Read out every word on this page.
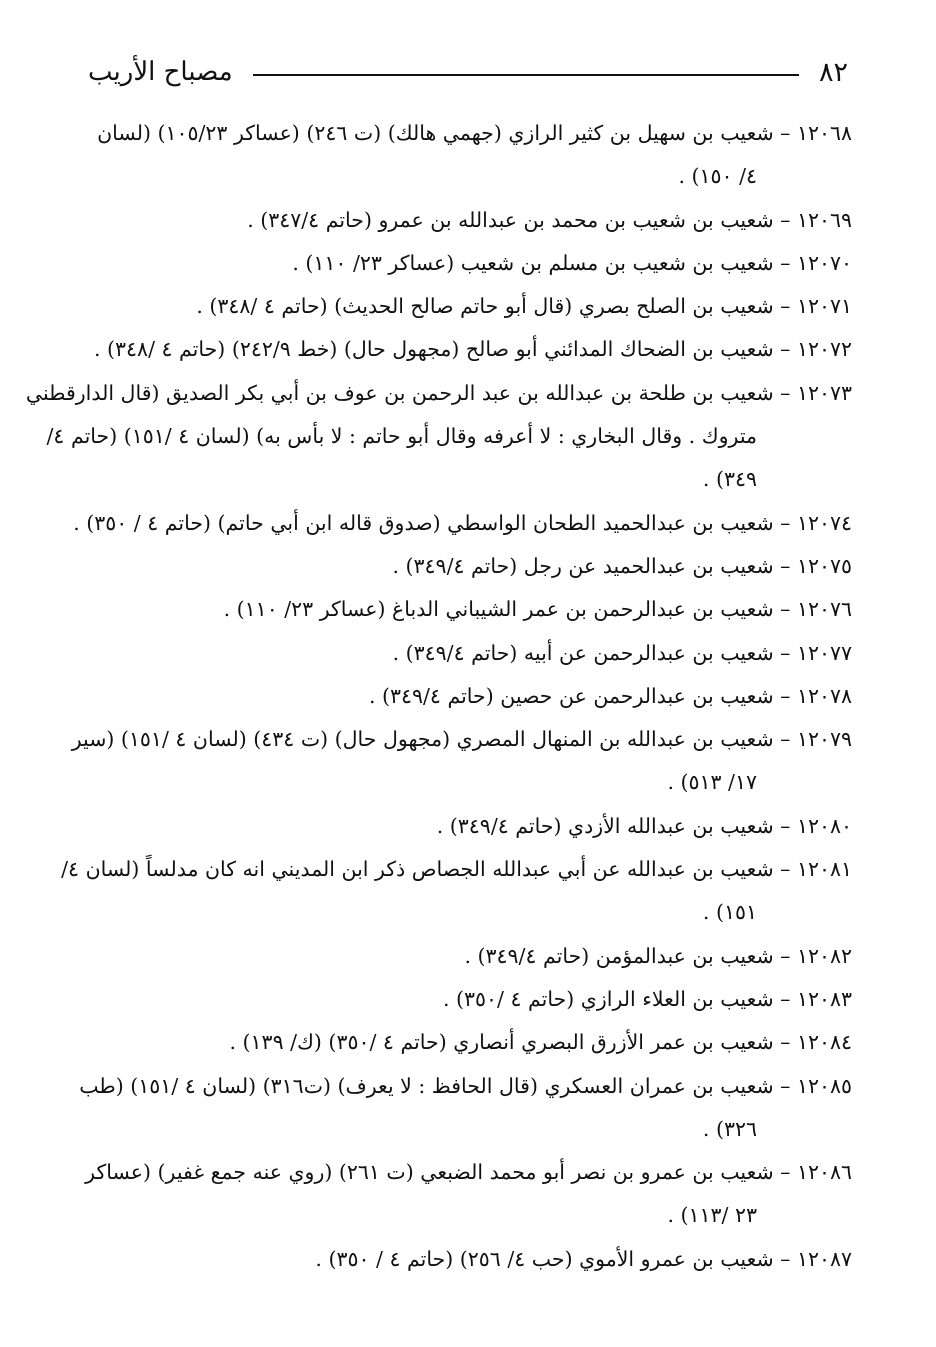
٨٢
مصباح الأريب
١٢٠٦٨ – شعيب بن سهيل بن كثير الرازي (جهمي هالك) (ت ٢٤٦) (عساكر ١٠٥/٢٣) (لسان
٤/ ١٥٠) .
١٢٠٦٩ – شعيب بن شعيب بن محمد بن عبدالله بن عمرو (حاتم ٣٤٧/٤) .
١٢٠٧٠ – شعيب بن شعيب بن مسلم بن شعيب (عساكر ٢٣/ ١١٠) .
١٢٠٧١ – شعيب بن الصلح بصري (قال أبو حاتم صالح الحديث) (حاتم ٤ /٣٤٨) .
١٢٠٧٢ – شعيب بن الضحاك المدائني أبو صالح (مجهول حال) (خط ٢٤٢/٩) (حاتم ٤ /٣٤٨) .
١٢٠٧٣ – شعيب بن طلحة بن عبدالله بن عبد الرحمن بن عوف بن أبي بكر الصديق (قال الدارقطني
متروك . وقال البخاري : لا أعرفه وقال أبو حاتم : لا بأس به) (لسان ٤ /١٥١) (حاتم ٤/
٣٤٩) .
١٢٠٧٤ – شعيب بن عبدالحميد الطحان الواسطي (صدوق قاله ابن أبي حاتم) (حاتم ٤ / ٣٥٠) .
١٢٠٧٥ – شعيب بن عبدالحميد عن رجل (حاتم ٣٤٩/٤) .
١٢٠٧٦ – شعيب بن عبدالرحمن بن عمر الشيباني الدباغ (عساكر ٢٣/ ١١٠) .
١٢٠٧٧ – شعيب بن عبدالرحمن عن أبيه (حاتم ٣٤٩/٤) .
١٢٠٧٨ – شعيب بن عبدالرحمن عن حصين (حاتم ٣٤٩/٤) .
١٢٠٧٩ – شعيب بن عبدالله بن المنهال المصري (مجهول حال) (ت ٤٣٤) (لسان ٤ /١٥١) (سير
١٧/ ٥١٣) .
١٢٠٨٠ – شعيب بن عبدالله الأزدي (حاتم ٣٤٩/٤) .
١٢٠٨١ – شعيب بن عبدالله عن أبي عبدالله الجصاص ذكر ابن المديني انه كان مدلساً (لسان ٤/
١٥١) .
١٢٠٨٢ – شعيب بن عبدالمؤمن (حاتم ٣٤٩/٤) .
١٢٠٨٣ – شعيب بن العلاء الرازي (حاتم ٤ /٣٥٠) .
١٢٠٨٤ – شعيب بن عمر الأزرق البصري أنصاري (حاتم ٤ /٣٥٠) (ك/ ١٣٩) .
١٢٠٨٥ – شعيب بن عمران العسكري (قال الحافظ : لا يعرف) (ت٣١٦) (لسان ٤ /١٥١) (طب
٣٢٦) .
١٢٠٨٦ – شعيب بن عمرو بن نصر أبو محمد الضبعي (ت ٢٦١) (روي عنه جمع غفير) (عساكر
٢٣ /١١٣) .
١٢٠٨٧ – شعيب بن عمرو الأموي (حب ٤/ ٢٥٦) (حاتم ٤ / ٣٥٠) .
